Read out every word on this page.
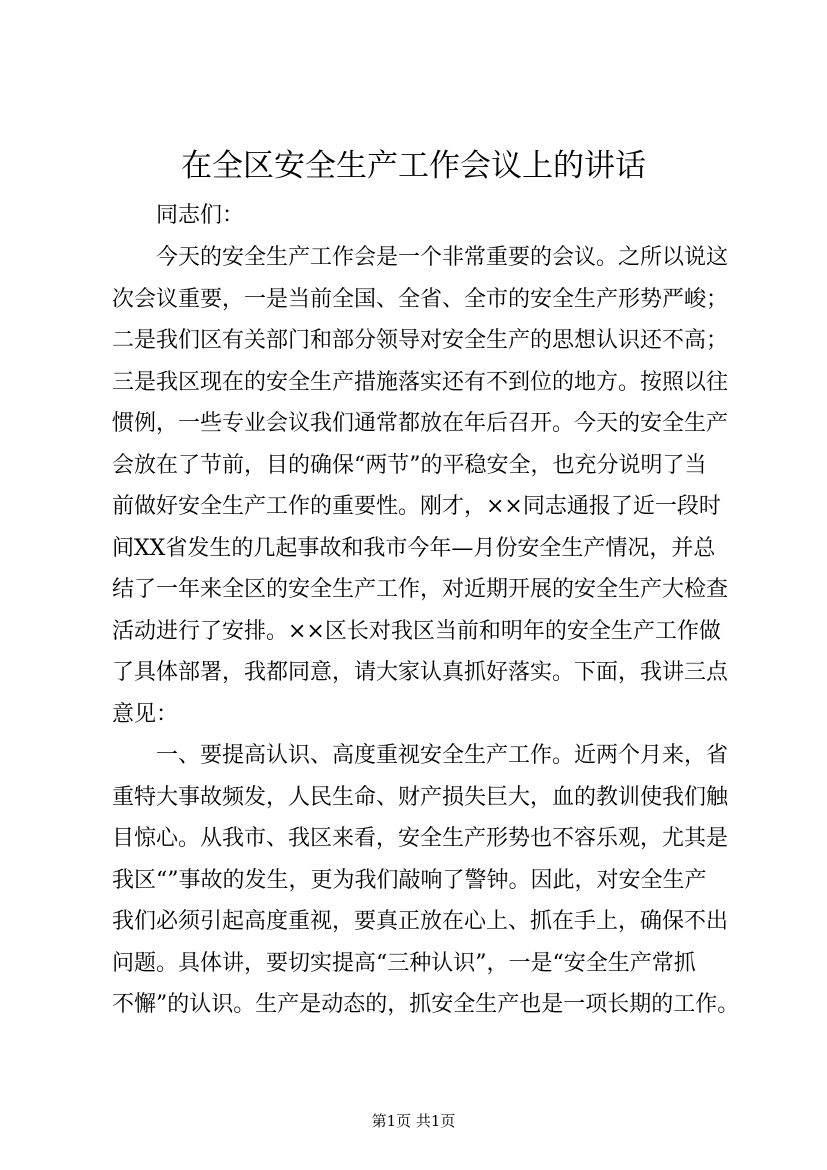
在全区安全生产工作会议上的讲话
同志们：
今天的安全生产工作会是一个非常重要的会议。之所以说这
次会议重要，一是当前全国、全省、全市的安全生产形势严峻；
二是我们区有关部门和部分领导对安全生产的思想认识还不高；
三是我区现在的安全生产措施落实还有不到位的地方。按照以往
惯例，一些专业会议我们通常都放在年后召开。今天的安全生产
会放在了节前，目的确保“两节”的平稳安全，也充分说明了当
前做好安全生产工作的重要性。刚才，××同志通报了近一段时
间XX省发生的几起事故和我市今年—月份安全生产情况，并总
结了一年来全区的安全生产工作，对近期开展的安全生产大检查
活动进行了安排。××区长对我区当前和明年的安全生产工作做
了具体部署，我都同意，请大家认真抓好落实。下面，我讲三点
意见：
一、要提高认识、高度重视安全生产工作。近两个月来，省
重特大事故频发，人民生命、财产损失巨大，血的教训使我们触
目惊心。从我市、我区来看，安全生产形势也不容乐观，尤其是
我区“”事故的发生，更为我们敲响了警钟。因此，对安全生产
我们必须引起高度重视，要真正放在心上、抓在手上，确保不出
问题。具体讲，要切实提高“三种认识”，一是“安全生产常抓
不懈”的认识。生产是动态的，抓安全生产也是一项长期的工作。
第1页 共1页
